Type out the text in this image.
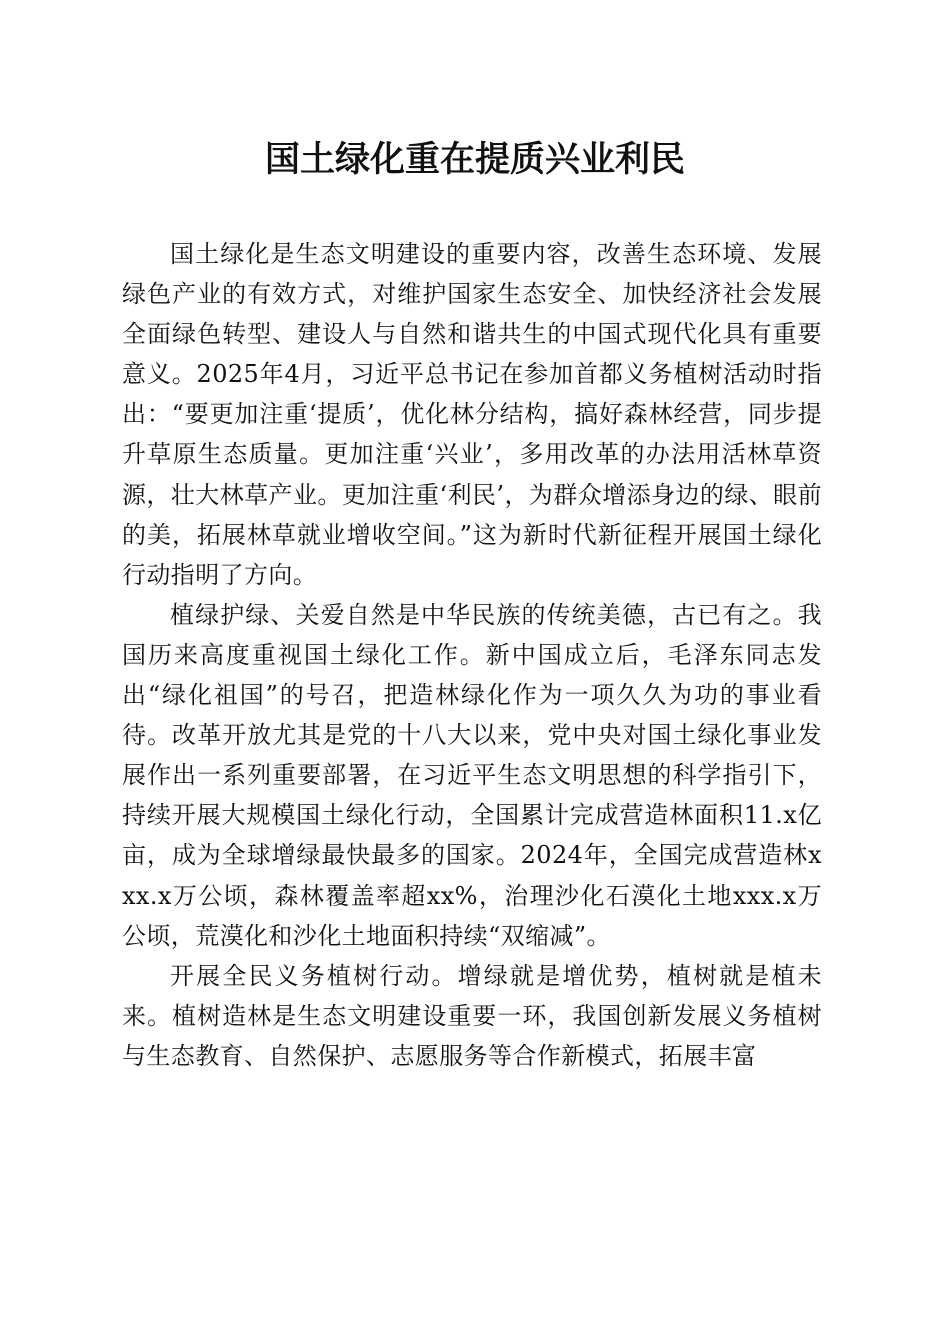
国土绿化重在提质兴业利民

国土绿化是生态文明建设的重要内容，改善生态环境、发展绿色产业的有效方式，对维护国家生态安全、加快经济社会发展全面绿色转型、建设人与自然和谐共生的中国式现代化具有重要意义。2025年4月，习近平总书记在参加首都义务植树活动时指出：“要更加注重‘提质’，优化林分结构，搞好森林经营，同步提升草原生态质量。更加注重‘兴业’，多用改革的办法用活林草资源，壮大林草产业。更加注重‘利民’，为群众增添身边的绿、眼前的美，拓展林草就业增收空间。”这为新时代新征程开展国土绿化行动指明了方向。

植绿护绿、关爱自然是中华民族的传统美德，古已有之。我国历来高度重视国土绿化工作。新中国成立后，毛泽东同志发出“绿化祖国”的号召，把造林绿化作为一项久久为功的事业看待。改革开放尤其是党的十八大以来，党中央对国土绿化事业发展作出一系列重要部署，在习近平生态文明思想的科学指引下，持续开展大规模国土绿化行动，全国累计完成营造林面积11.x亿亩，成为全球增绿最快最多的国家。2024年，全国完成营造林xxx.x万公顷，森林覆盖率超xx%，治理沙化石漠化土地xxx.x万公顷，荒漠化和沙化土地面积持续“双缩减”。

开展全民义务植树行动。增绿就是增优势，植树就是植未来。植树造林是生态文明建设重要一环，我国创新发展义务植树与生态教育、自然保护、志愿服务等合作新模式，拓展丰富
